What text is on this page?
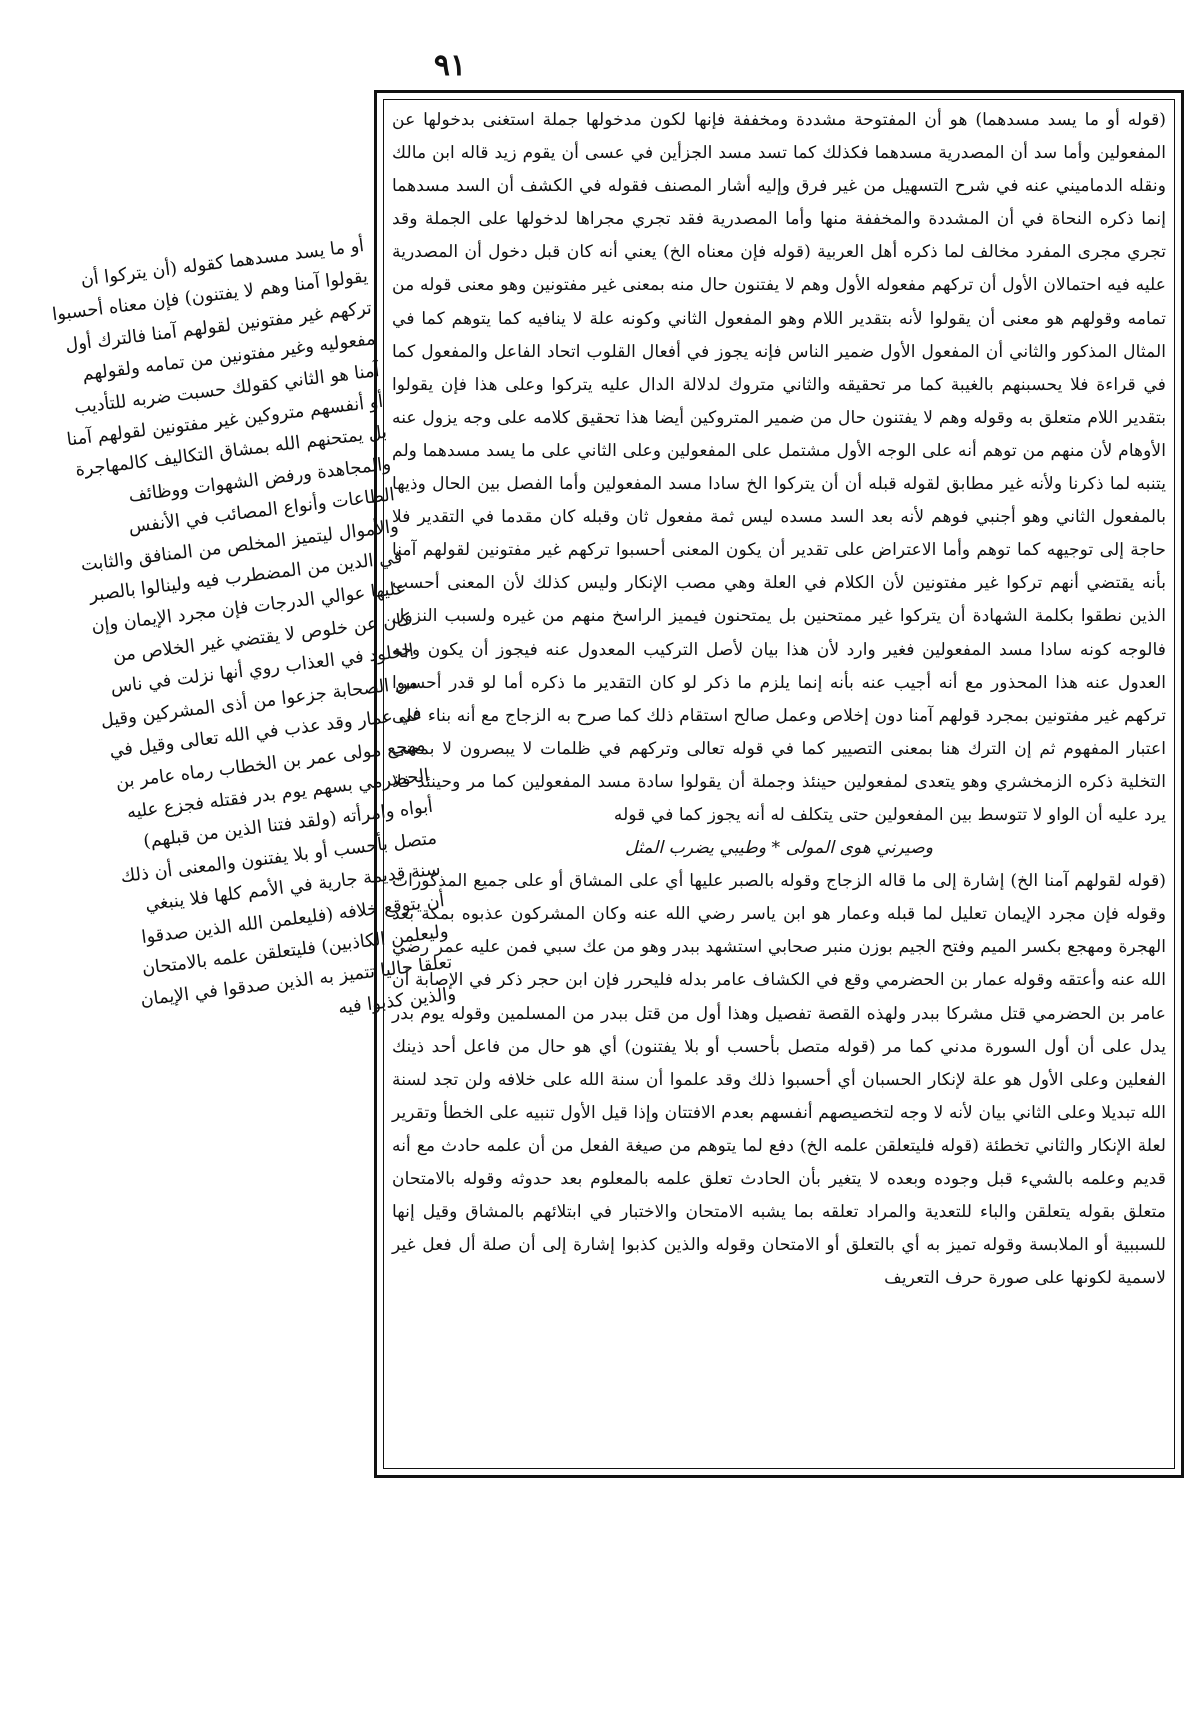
٩١

(قوله أو ما يسد مسدهما) هو أن المفتوحة مشددة ومخففة فإنها لكون مدخولها جملة استغنى بدخولها عن المفعولين وأما سد أن المصدرية مسدهما فكذلك كما تسد مسد الجزأين في عسى أن يقوم زيد قاله ابن مالك ونقله الدماميني عنه في شرح التسهيل من غير فرق وإليه أشار المصنف فقوله في الكشف أن السد مسدهما إنما ذكره النحاة في أن المشددة والمخففة منها وأما المصدرية فقد تجري مجراها لدخولها على الجملة وقد تجري مجرى المفرد مخالف لما ذكره أهل العربية (قوله فإن معناه الخ) يعني أنه كان قبل دخول أن المصدرية عليه فيه احتمالان الأول أن تركهم مفعوله الأول وهم لا يفتنون حال منه بمعنى غير مفتونين وهو معنى قوله من تمامه وقولهم هو معنى أن يقولوا لأنه بتقدير اللام وهو المفعول الثاني وكونه علة لا ينافيه كما يتوهم كما في المثال المذكور والثاني أن المفعول الأول ضمير الناس فإنه يجوز في أفعال القلوب اتحاد الفاعل والمفعول كما في قراءة فلا يحسبنهم بالغيبة كما مر تحقيقه والثاني متروك لدلالة الدال عليه يتركوا وعلى هذا فإن يقولوا بتقدير اللام متعلق به وقوله وهم لا يفتنون حال من ضمير المتروكين أيضا هذا تحقيق كلامه على وجه يزول عنه الأوهام لأن منهم من توهم أنه على الوجه الأول مشتمل على المفعولين وعلى الثاني على ما يسد مسدهما ولم يتنبه لما ذكرنا ولأنه غير مطابق لقوله قبله أن أن يتركوا الخ سادا مسد المفعولين وأما الفصل بين الحال وذيها بالمفعول الثاني وهو أجنبي فوهم لأنه بعد السد مسده ليس ثمة مفعول ثان وقبله كان مقدما في التقدير فلا حاجة إلى توجيهه كما توهم وأما الاعتراض على تقدير أن يكون المعنى أحسبوا تركهم غير مفتونين لقولهم آمنا بأنه يقتضي أنهم تركوا غير مفتونين لأن الكلام في العلة وهي مصب الإنكار وليس كذلك لأن المعنى أحسب الذين نطقوا بكلمة الشهادة أن يتركوا غير ممتحنين بل يمتحنون فيميز الراسخ منهم من غيره ولسبب النزول فالوجه كونه سادا مسد المفعولين فغير وارد لأن هذا بيان لأصل التركيب المعدول عنه فيجوز أن يكون وجه العدول عنه هذا المحذور مع أنه أجيب عنه بأنه إنما يلزم ما ذكر لو كان التقدير ما ذكره أما لو قدر أحسبوا تركهم غير مفتونين بمجرد قولهم آمنا دون إخلاص وعمل صالح استقام ذلك كما صرح به الزجاج مع أنه بناء على اعتبار المفهوم ثم إن الترك هنا بمعنى التصيير كما في قوله تعالى وتركهم في ظلمات لا يبصرون لا بمعنى التخلية ذكره الزمخشري وهو يتعدى لمفعولين حينئذ وجملة أن يقولوا سادة مسد المفعولين كما مر وحينئذ فلا يرد عليه أن الواو لا تتوسط بين المفعولين حتى يتكلف له أنه يجوز كما في قوله

وصيرني هوى المولى * وطيبي يضرب المثل

(قوله لقولهم آمنا الخ) إشارة إلى ما قاله الزجاج وقوله بالصبر عليها أي على المشاق أو على جميع المذكورات وقوله فإن مجرد الإيمان تعليل لما قبله وعمار هو ابن ياسر رضي الله عنه وكان المشركون عذبوه بمكة بعد الهجرة ومهجع بكسر الميم وفتح الجيم بوزن منبر صحابي استشهد ببدر وهو من عك سبي فمن عليه عمر رضي الله عنه وأعتقه وقوله عمار بن الحضرمي وقع في الكشاف عامر بدله فليحرر فإن ابن حجر ذكر في الإصابة أن عامر بن الحضرمي قتل مشركا ببدر ولهذه القصة تفصيل وهذا أول من قتل ببدر من المسلمين وقوله يوم بدر يدل على أن أول السورة مدني كما مر (قوله متصل بأحسب أو بلا يفتنون) أي هو حال من فاعل أحد ذينك الفعلين وعلى الأول هو علة لإنكار الحسبان أي أحسبوا ذلك وقد علموا أن سنة الله على خلافه ولن تجد لسنة الله تبديلا وعلى الثاني بيان لأنه لا وجه لتخصيصهم أنفسهم بعدم الافتتان وإذا قيل الأول تنبيه على الخطأ وتقرير لعلة الإنكار والثاني تخطئة (قوله فليتعلقن علمه الخ) دفع لما يتوهم من صيغة الفعل من أن علمه حادث مع أنه قديم وعلمه بالشيء قبل وجوده وبعده لا يتغير بأن الحادث تعلق علمه بالمعلوم بعد حدوثه وقوله بالامتحان متعلق بقوله يتعلقن والباء للتعدية والمراد تعلقه بما يشبه الامتحان والاختبار في ابتلائهم بالمشاق وقيل إنها للسببية أو الملابسة وقوله تميز به أي بالتعلق أو الامتحان وقوله والذين كذبوا إشارة إلى أن صلة أل فعل غير لاسمية لكونها على صورة حرف التعريف

أو ما يسد مسدهما كقوله (أن يتركوا أن يقولوا آمنا وهم لا يفتنون) فإن معناه أحسبوا تركهم غير مفتونين لقولهم آمنا فالترك أول مفعوليه وغير مفتونين من تمامه ولقولهم آمنا هو الثاني كقولك حسبت ضربه للتأديب أو أنفسهم متروكين غير مفتونين لقولهم آمنا بل يمتحنهم الله بمشاق التكاليف كالمهاجرة والمجاهدة ورفض الشهوات ووظائف الطاعات وأنواع المصائب في الأنفس والأموال ليتميز المخلص من المنافق والثابت في الدين من المضطرب فيه ولينالوا بالصبر عليها عوالي الدرجات فإن مجرد الإيمان وإن كان عن خلوص لا يقتضي غير الخلاص من الخلود في العذاب روي أنها نزلت في ناس من الصحابة جزعوا من أذى المشركين وقيل في عمار وقد عذب في الله تعالى وقيل في مهجع مولى عمر بن الخطاب رماه عامر بن الحضرمي بسهم يوم بدر فقتله فجزع عليه أبواه وامرأته (ولقد فتنا الذين من قبلهم) متصل بأحسب أو بلا يفتنون والمعنى أن ذلك سنة قديمة جارية في الأمم كلها فلا ينبغي أن يتوقع خلافه (فليعلمن الله الذين صدقوا وليعلمن الكاذبين) فليتعلقن علمه بالامتحان تعلقا حاليا تتميز به الذين صدقوا في الإيمان والذين كذبوا فيه
